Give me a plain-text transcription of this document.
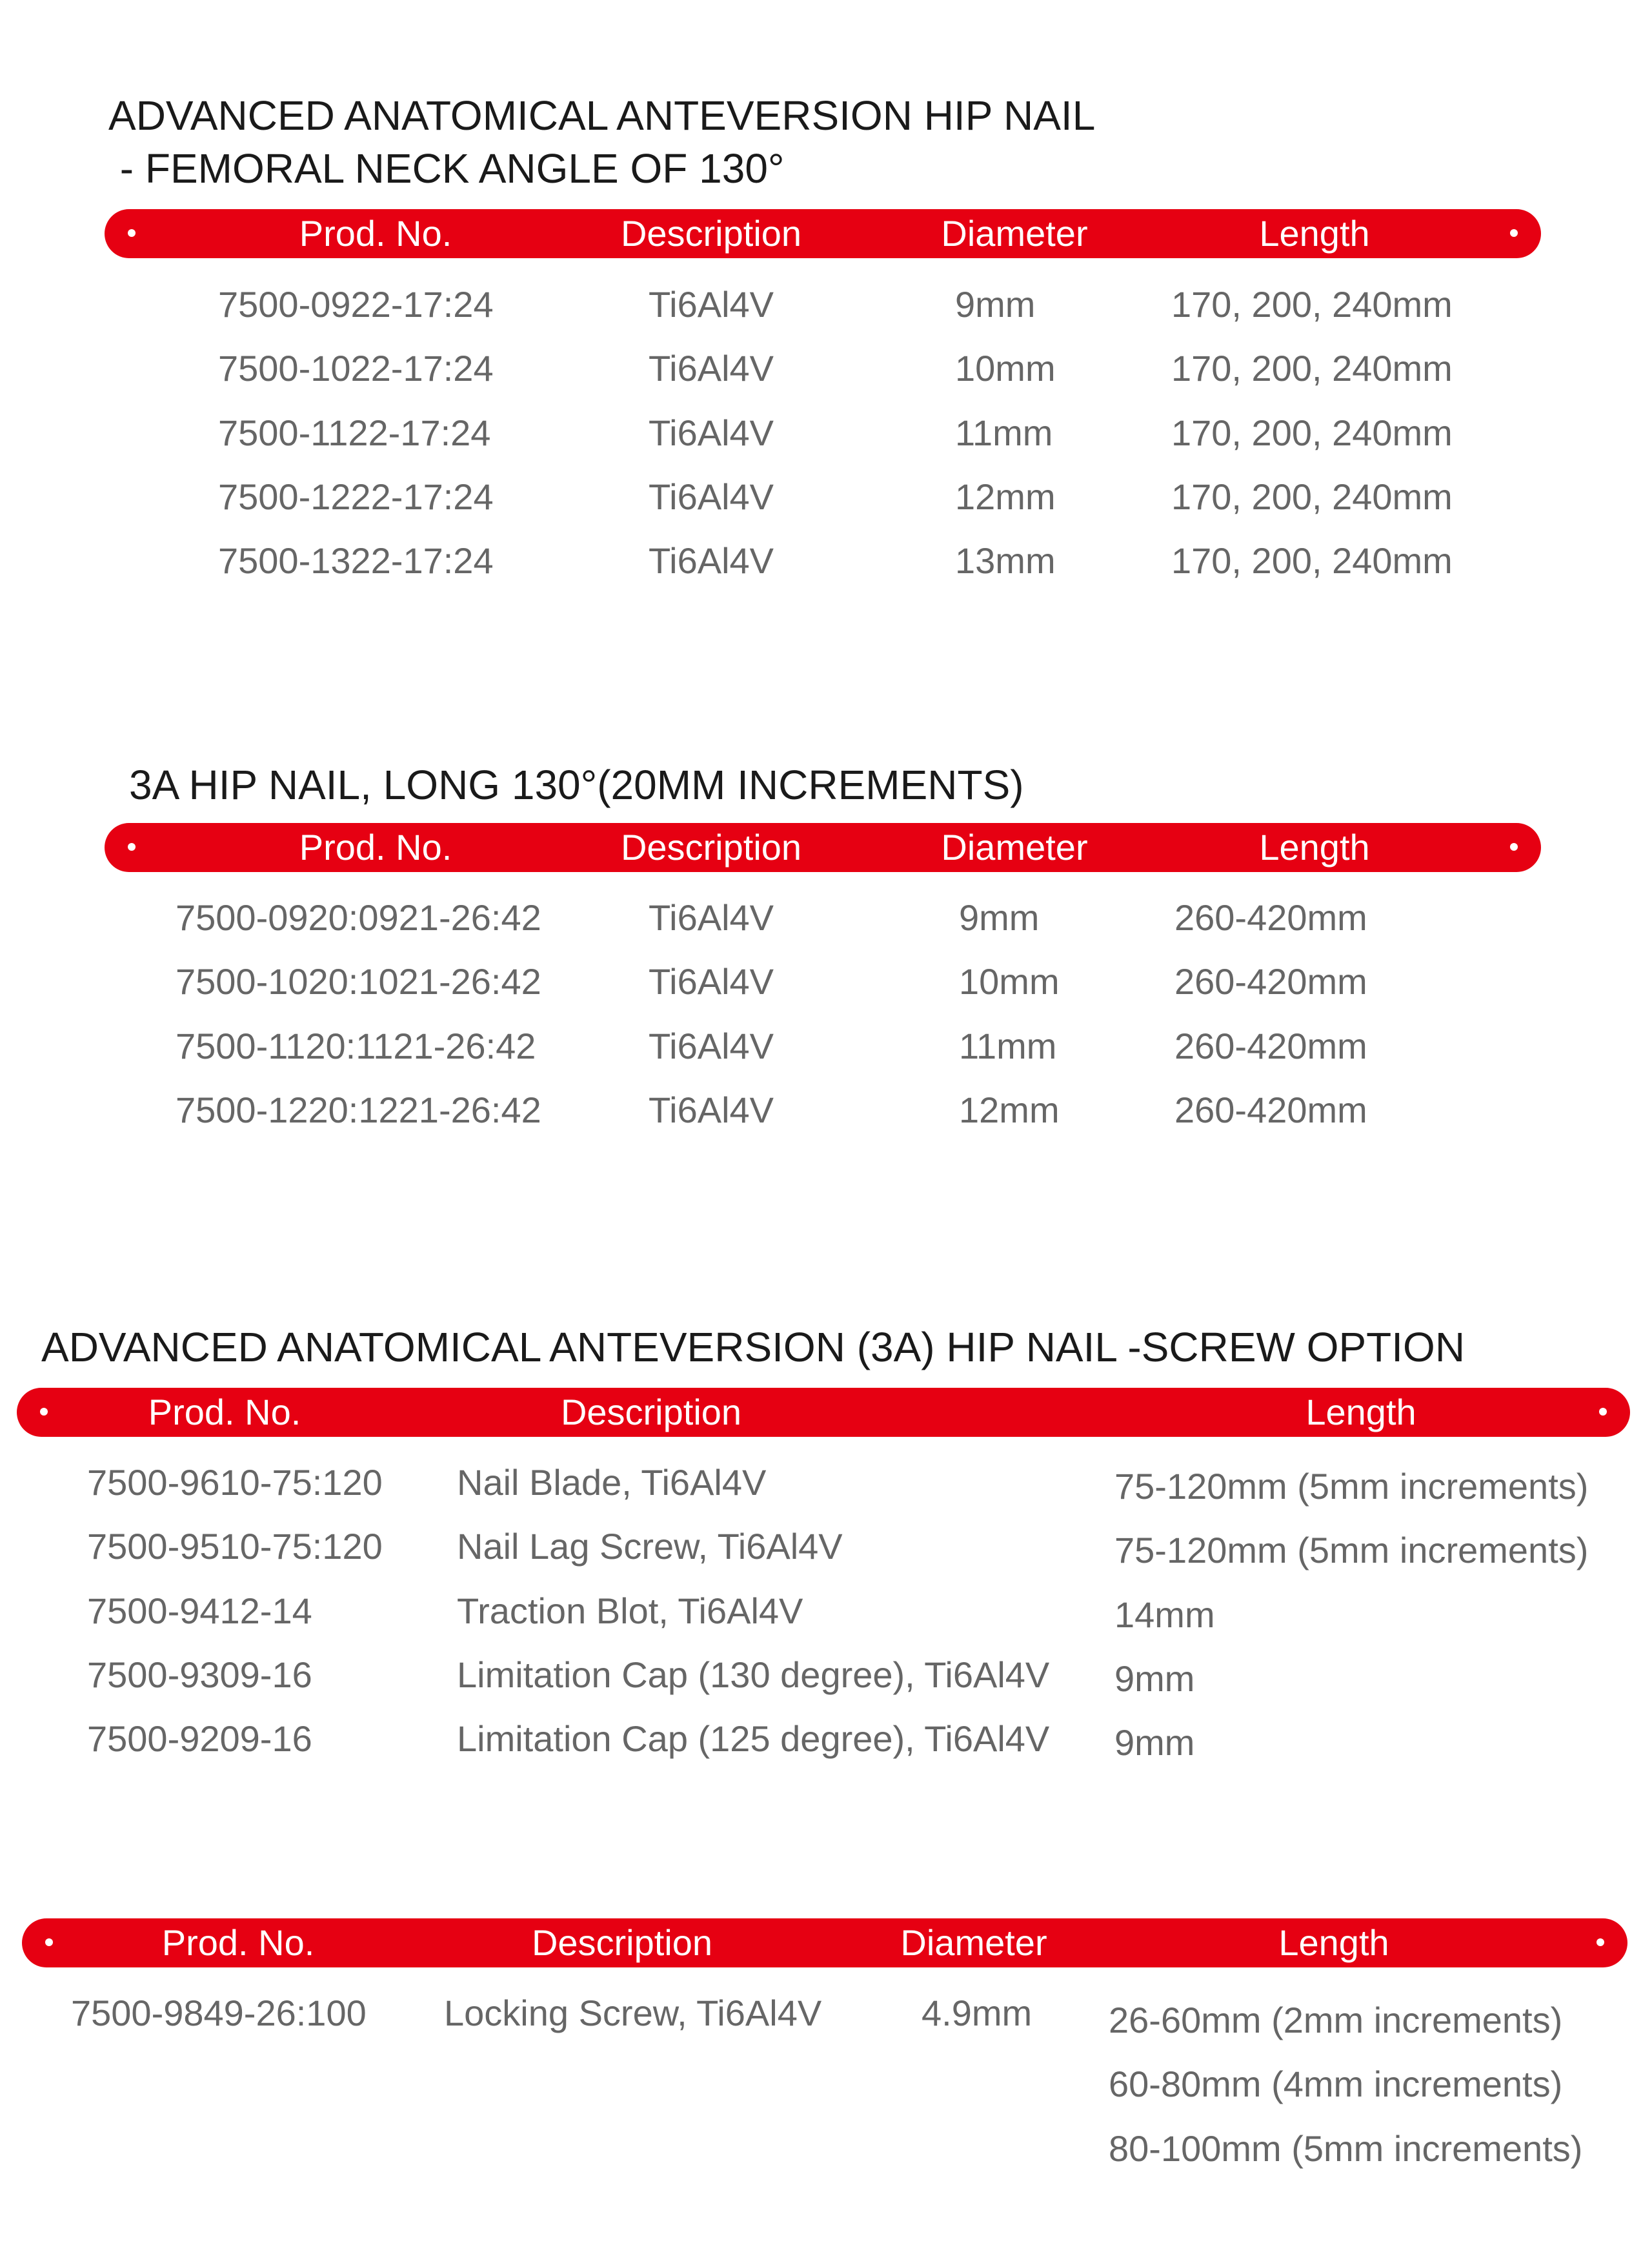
ADVANCED ANATOMICAL ANTEVERSION HIP NAIL
- FEMORAL NECK ANGLE OF 130°
Prod. No.	Description	Diameter	Length
7500-0922-17:24	Ti6Al4V	9mm	170, 200, 240mm
7500-1022-17:24	Ti6Al4V	10mm	170, 200, 240mm
7500-1122-17:24	Ti6Al4V	11mm	170, 200, 240mm
7500-1222-17:24	Ti6Al4V	12mm	170, 200, 240mm
7500-1322-17:24	Ti6Al4V	13mm	170, 200, 240mm
3A HIP NAIL, LONG 130°(20MM INCREMENTS)
Prod. No.	Description	Diameter	Length
7500-0920:0921-26:42	Ti6Al4V	9mm	260-420mm
7500-1020:1021-26:42	Ti6Al4V	10mm	260-420mm
7500-1120:1121-26:42	Ti6Al4V	11mm	260-420mm
7500-1220:1221-26:42	Ti6Al4V	12mm	260-420mm
ADVANCED ANATOMICAL ANTEVERSION (3A) HIP NAIL -SCREW OPTION
Prod. No.	Description	Length
7500-9610-75:120 Nail Blade, Ti6Al4V	75-120mm (5mm increments)
7500-9510-75:120 Nail Lag Screw, Ti6Al4V	75-120mm (5mm increments)
7500-9412-14	Traction Blot, Ti6Al4V	14mm
7500-9309-16	Limitation Cap (130 degree), Ti6Al4V 9mm
7500-9209-16	Limitation Cap (125 degree), Ti6Al4V 9mm
Prod. No.	Description	Diameter	Length
7500-9849-26:100 Locking Screw, Ti6Al4V	4.9mm 26-60mm (2mm increments)
60-80mm (4mm increments)
80-100mm (5mm increments)
